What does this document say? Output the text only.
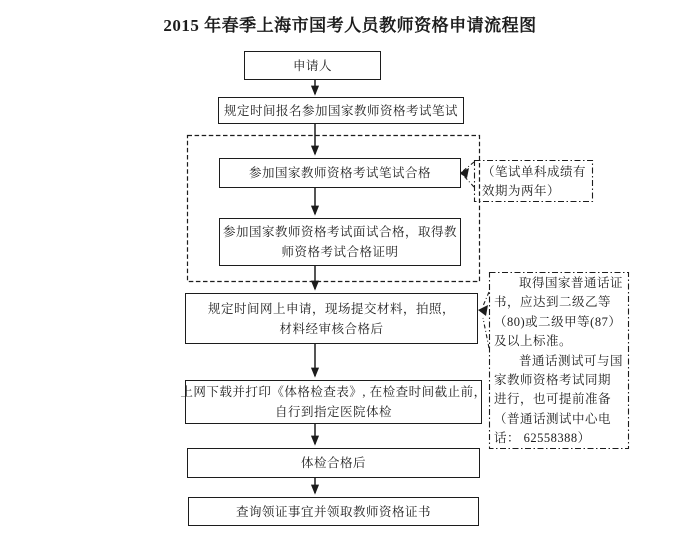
2015 年春季上海市国考人员教师资格申请流程图
申请人
规定时间报名参加国家教师资格考试笔试
参加国家教师资格考试笔试合格
参加国家教师资格考试面试合格，取得教
师资格考试合格证明
规定时间网上申请，现场提交材料，拍照，
材料经审核合格后
上网下载并打印《体格检查表》, 在检查时间截止前，
自行到指定医院体检
体检合格后
查询领证事宜并领取教师资格证书
（笔试单科成绩有
效期为两年）
取得国家普通话证
书，应达到二级乙等
（80)或二级甲等(87）
及以上标准。
普通话测试可与国
家教师资格考试同期
进行，也可提前准备
（普通话测试中心电
话： 62558388）
